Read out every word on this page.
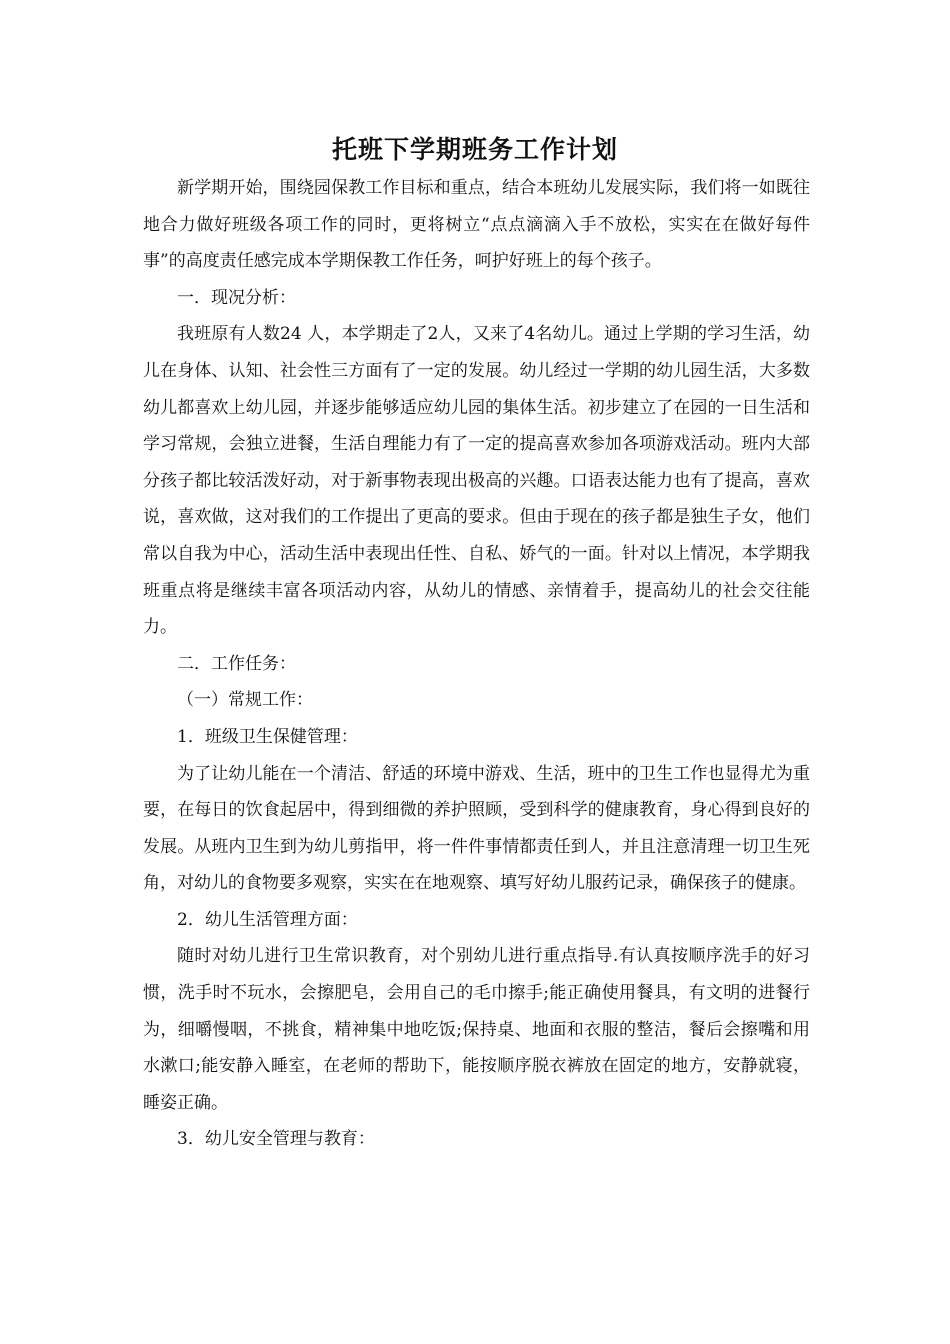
托班下学期班务工作计划

新学期开始，围绕园保教工作目标和重点，结合本班幼儿发展实际，我们将一如既往地合力做好班级各项工作的同时，更将树立“点点滴滴入手不放松，实实在在做好每件事”的高度责任感完成本学期保教工作任务，呵护好班上的每个孩子。

一．现况分析：

我班原有人数24 人，本学期走了2人，又来了4名幼儿。通过上学期的学习生活，幼儿在身体、认知、社会性三方面有了一定的发展。幼儿经过一学期的幼儿园生活，大多数幼儿都喜欢上幼儿园，并逐步能够适应幼儿园的集体生活。初步建立了在园的一日生活和学习常规，会独立进餐，生活自理能力有了一定的提高喜欢参加各项游戏活动。班内大部分孩子都比较活泼好动，对于新事物表现出极高的兴趣。口语表达能力也有了提高，喜欢说，喜欢做，这对我们的工作提出了更高的要求。但由于现在的孩子都是独生子女，他们常以自我为中心，活动生活中表现出任性、自私、娇气的一面。针对以上情况，本学期我班重点将是继续丰富各项活动内容，从幼儿的情感、亲情着手，提高幼儿的社会交往能力。

二．工作任务：

（一）常规工作：

1．班级卫生保健管理：

为了让幼儿能在一个清洁、舒适的环境中游戏、生活，班中的卫生工作也显得尤为重要，在每日的饮食起居中，得到细微的养护照顾，受到科学的健康教育，身心得到良好的发展。从班内卫生到为幼儿剪指甲，将一件件事情都责任到人，并且注意清理一切卫生死角，对幼儿的食物要多观察，实实在在地观察、填写好幼儿服药记录，确保孩子的健康。

2．幼儿生活管理方面：

随时对幼儿进行卫生常识教育，对个别幼儿进行重点指导.有认真按顺序洗手的好习惯，洗手时不玩水，会擦肥皂，会用自己的毛巾擦手;能正确使用餐具，有文明的进餐行为，细嚼慢咽，不挑食，精神集中地吃饭;保持桌、地面和衣服的整洁，餐后会擦嘴和用水漱口;能安静入睡室，在老师的帮助下，能按顺序脱衣裤放在固定的地方，安静就寝，睡姿正确。

3．幼儿安全管理与教育：
